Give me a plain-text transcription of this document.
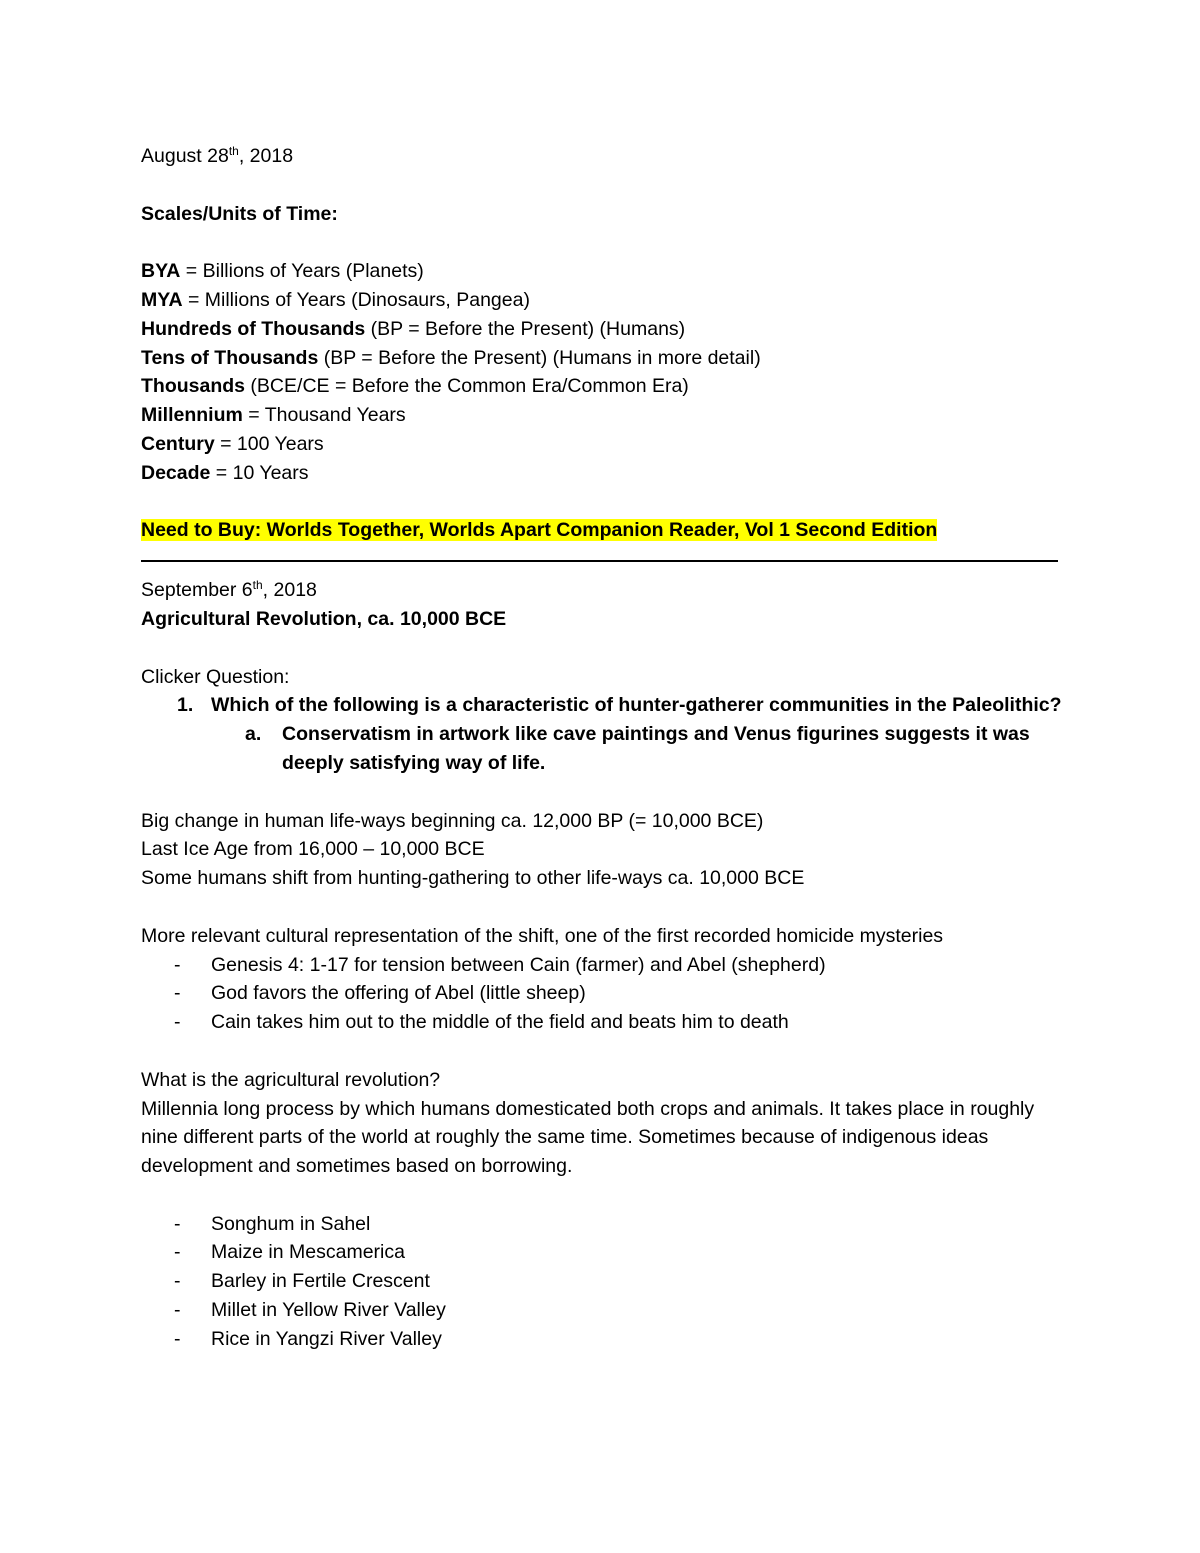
August 28th, 2018
Scales/Units of Time:
BYA = Billions of Years (Planets)
MYA = Millions of Years (Dinosaurs, Pangea)
Hundreds of Thousands (BP = Before the Present) (Humans)
Tens of Thousands (BP = Before the Present) (Humans in more detail)
Thousands (BCE/CE = Before the Common Era/Common Era)
Millennium = Thousand Years
Century = 100 Years
Decade = 10 Years
Need to Buy: Worlds Together, Worlds Apart Companion Reader, Vol 1 Second Edition
September 6th, 2018
Agricultural Revolution, ca. 10,000 BCE
Clicker Question:
1. Which of the following is a characteristic of hunter-gatherer communities in the Paleolithic?
a. Conservatism in artwork like cave paintings and Venus figurines suggests it was deeply satisfying way of life.
Big change in human life-ways beginning ca. 12,000 BP (= 10,000 BCE)
Last Ice Age from 16,000 – 10,000 BCE
Some humans shift from hunting-gathering to other life-ways ca. 10,000 BCE
More relevant cultural representation of the shift, one of the first recorded homicide mysteries
- Genesis 4: 1-17 for tension between Cain (farmer) and Abel (shepherd)
- God favors the offering of Abel (little sheep)
- Cain takes him out to the middle of the field and beats him to death
What is the agricultural revolution?
Millennia long process by which humans domesticated both crops and animals. It takes place in roughly nine different parts of the world at roughly the same time. Sometimes because of indigenous ideas development and sometimes based on borrowing.
- Songhum in Sahel
- Maize in Mescamerica
- Barley in Fertile Crescent
- Millet in Yellow River Valley
- Rice in Yangzi River Valley
